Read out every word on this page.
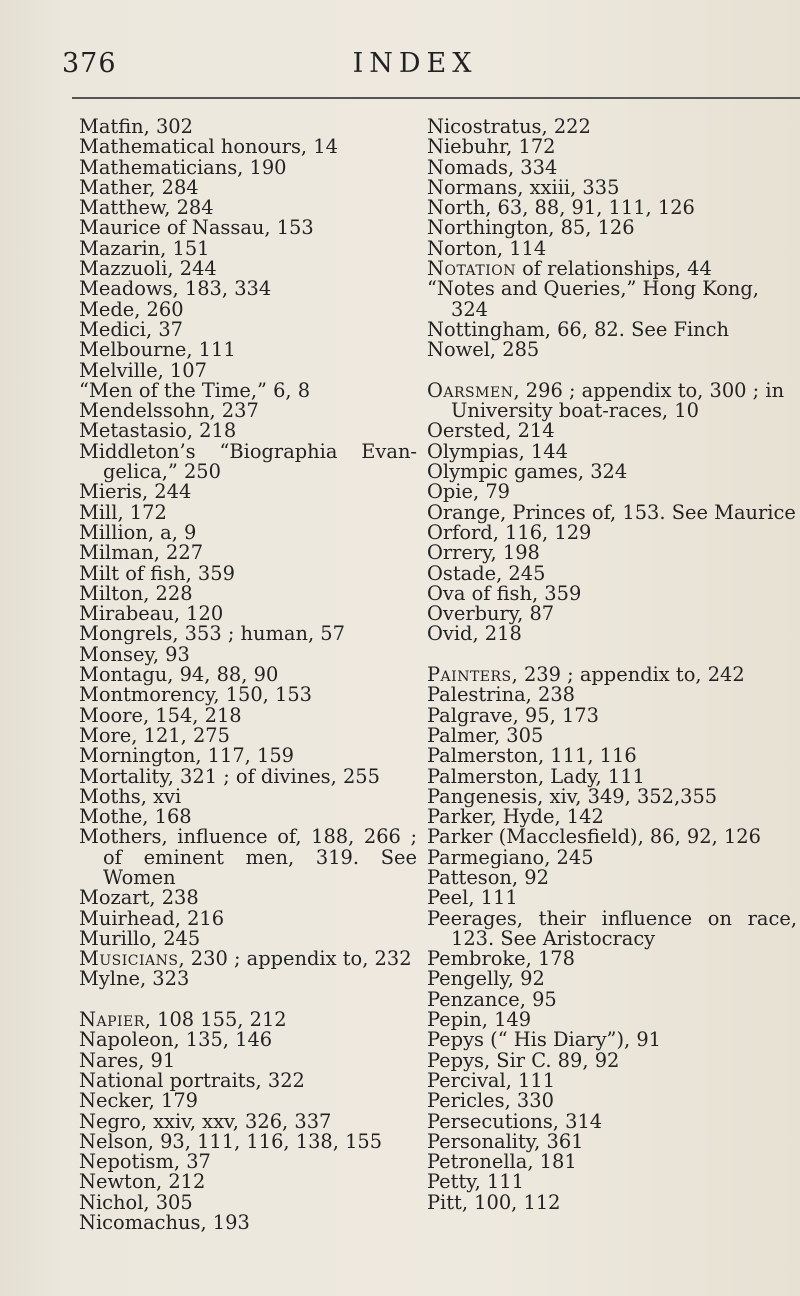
376	INDEX
Matfin, 302
Mathematical honours, 14
Mathematicians, 190
Mather, 284
Matthew, 284
Maurice of Nassau, 153
Mazarin, 151
Mazzuoli, 244
Meadows, 183, 334
Mede, 260
Medici, 37
Melbourne, 111
Melville, 107
“Men of the Time,” 6, 8
Mendelssohn, 237
Metastasio, 218
Middleton’s “Biographia Evan-gelica,” 250
Mieris, 244
Mill, 172
Million, a, 9
Milman, 227
Milt of fish, 359
Milton, 228
Mirabeau, 120
Mongrels, 353 ; human, 57
Monsey, 93
Montagu, 94, 88, 90
Montmorency, 150, 153
Moore, 154, 218
More, 121, 275
Mornington, 117, 159
Mortality, 321 ; of divines, 255
Moths, xvi
Mothe, 168
Mothers, influence of, 188, 266 ; of eminent men, 319. See Women
Mozart, 238
Muirhead, 216
Murillo, 245
Musicians, 230 ; appendix to, 232
Mylne, 323
Napier, 108 155, 212
Napoleon, 135, 146
Nares, 91
National portraits, 322
Necker, 179
Negro, xxiv, xxv, 326, 337
Nelson, 93, 111, 116, 138, 155
Nepotism, 37
Newton, 212
Nichol, 305
Nicomachus, 193
Nicostratus, 222
Niebuhr, 172
Nomads, 334
Normans, xxiii, 335
North, 63, 88, 91, 111, 126
Northington, 85, 126
Norton, 114
Notation of relationships, 44
“Notes and Queries,” Hong Kong, 324
Nottingham, 66, 82. See Finch
Nowel, 285
Oarsmen, 296 ; appendix to, 300 ; in University boat-races, 10
Oersted, 214
Olympias, 144
Olympic games, 324
Opie, 79
Orange, Princes of, 153. See Maurice
Orford, 116, 129
Orrery, 198
Ostade, 245
Ova of fish, 359
Overbury, 87
Ovid, 218
Painters, 239 ; appendix to, 242
Palestrina, 238
Palgrave, 95, 173
Palmer, 305
Palmerston, 111, 116
Palmerston, Lady, 111
Pangenesis, xiv, 349, 352,355
Parker, Hyde, 142
Parker (Macclesfield), 86, 92, 126
Parmegiano, 245
Patteson, 92
Peel, 111
Peerages, their influence on race, 123. See Aristocracy
Pembroke, 178
Pengelly, 92
Penzance, 95
Pepin, 149
Pepys (“ His Diary”), 91
Pepys, Sir C. 89, 92
Percival, 111
Pericles, 330
Persecutions, 314
Personality, 361
Petronella, 181
Petty, 111
Pitt, 100, 112
